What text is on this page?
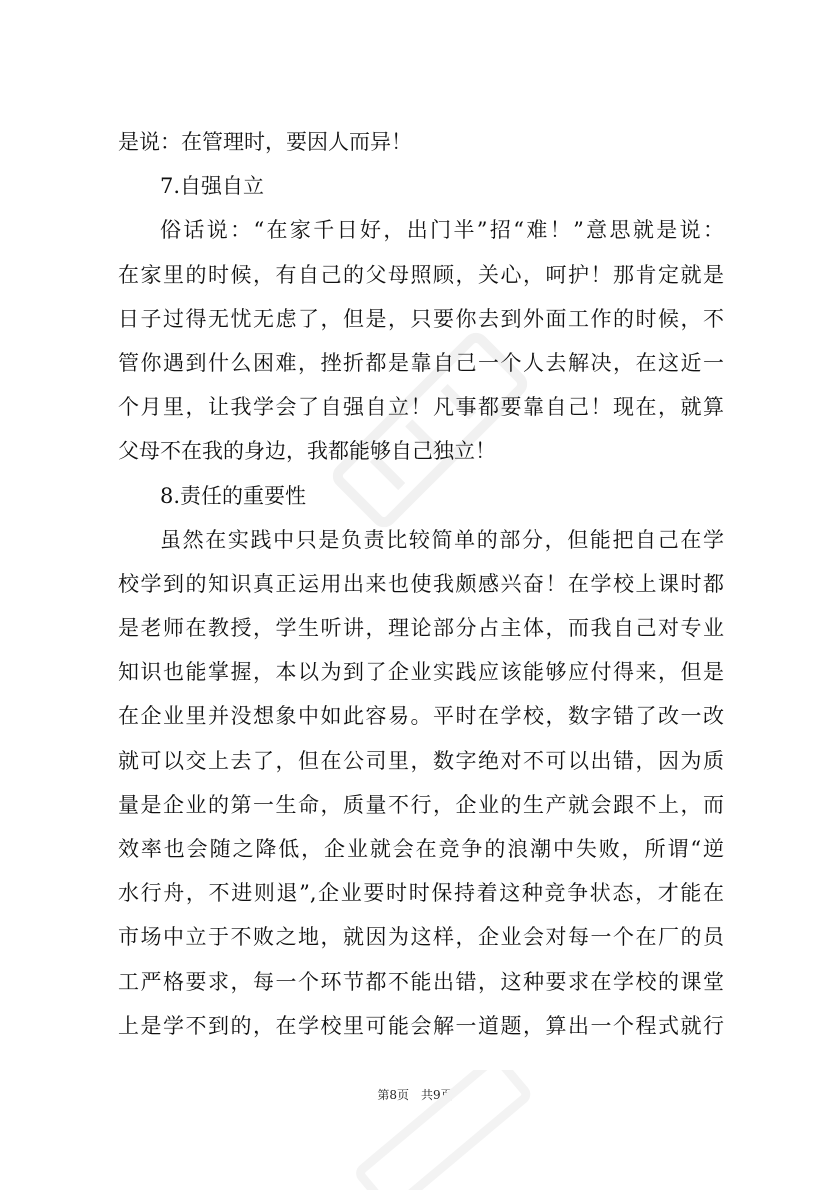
是说：在管理时，要因人而异！
7.自强自立
俗话说：“在家千日好，出门半”招“难！”意思就是说：
在家里的时候，有自己的父母照顾，关心，呵护！那肯定就是
日子过得无忧无虑了，但是，只要你去到外面工作的时候，不
管你遇到什么困难，挫折都是靠自己一个人去解决，在这近一
个月里，让我学会了自强自立！凡事都要靠自己！现在，就算
父母不在我的身边，我都能够自己独立！
8.责任的重要性
虽然在实践中只是负责比较简单的部分，但能把自己在学
校学到的知识真正运用出来也使我颇感兴奋！在学校上课时都
是老师在教授，学生听讲，理论部分占主体，而我自己对专业
知识也能掌握，本以为到了企业实践应该能够应付得来，但是
在企业里并没想象中如此容易。平时在学校，数字错了改一改
就可以交上去了，但在公司里，数字绝对不可以出错，因为质
量是企业的第一生命，质量不行，企业的生产就会跟不上，而
效率也会随之降低，企业就会在竞争的浪潮中失败，所谓“逆
水行舟，不进则退”,企业要时时保持着这种竞争状态，才能在
市场中立于不败之地，就因为这样，企业会对每一个在厂的员
工严格要求，每一个环节都不能出错，这种要求在学校的课堂
上是学不到的，在学校里可能会解一道题，算出一个程式就行
第8页 共9页
